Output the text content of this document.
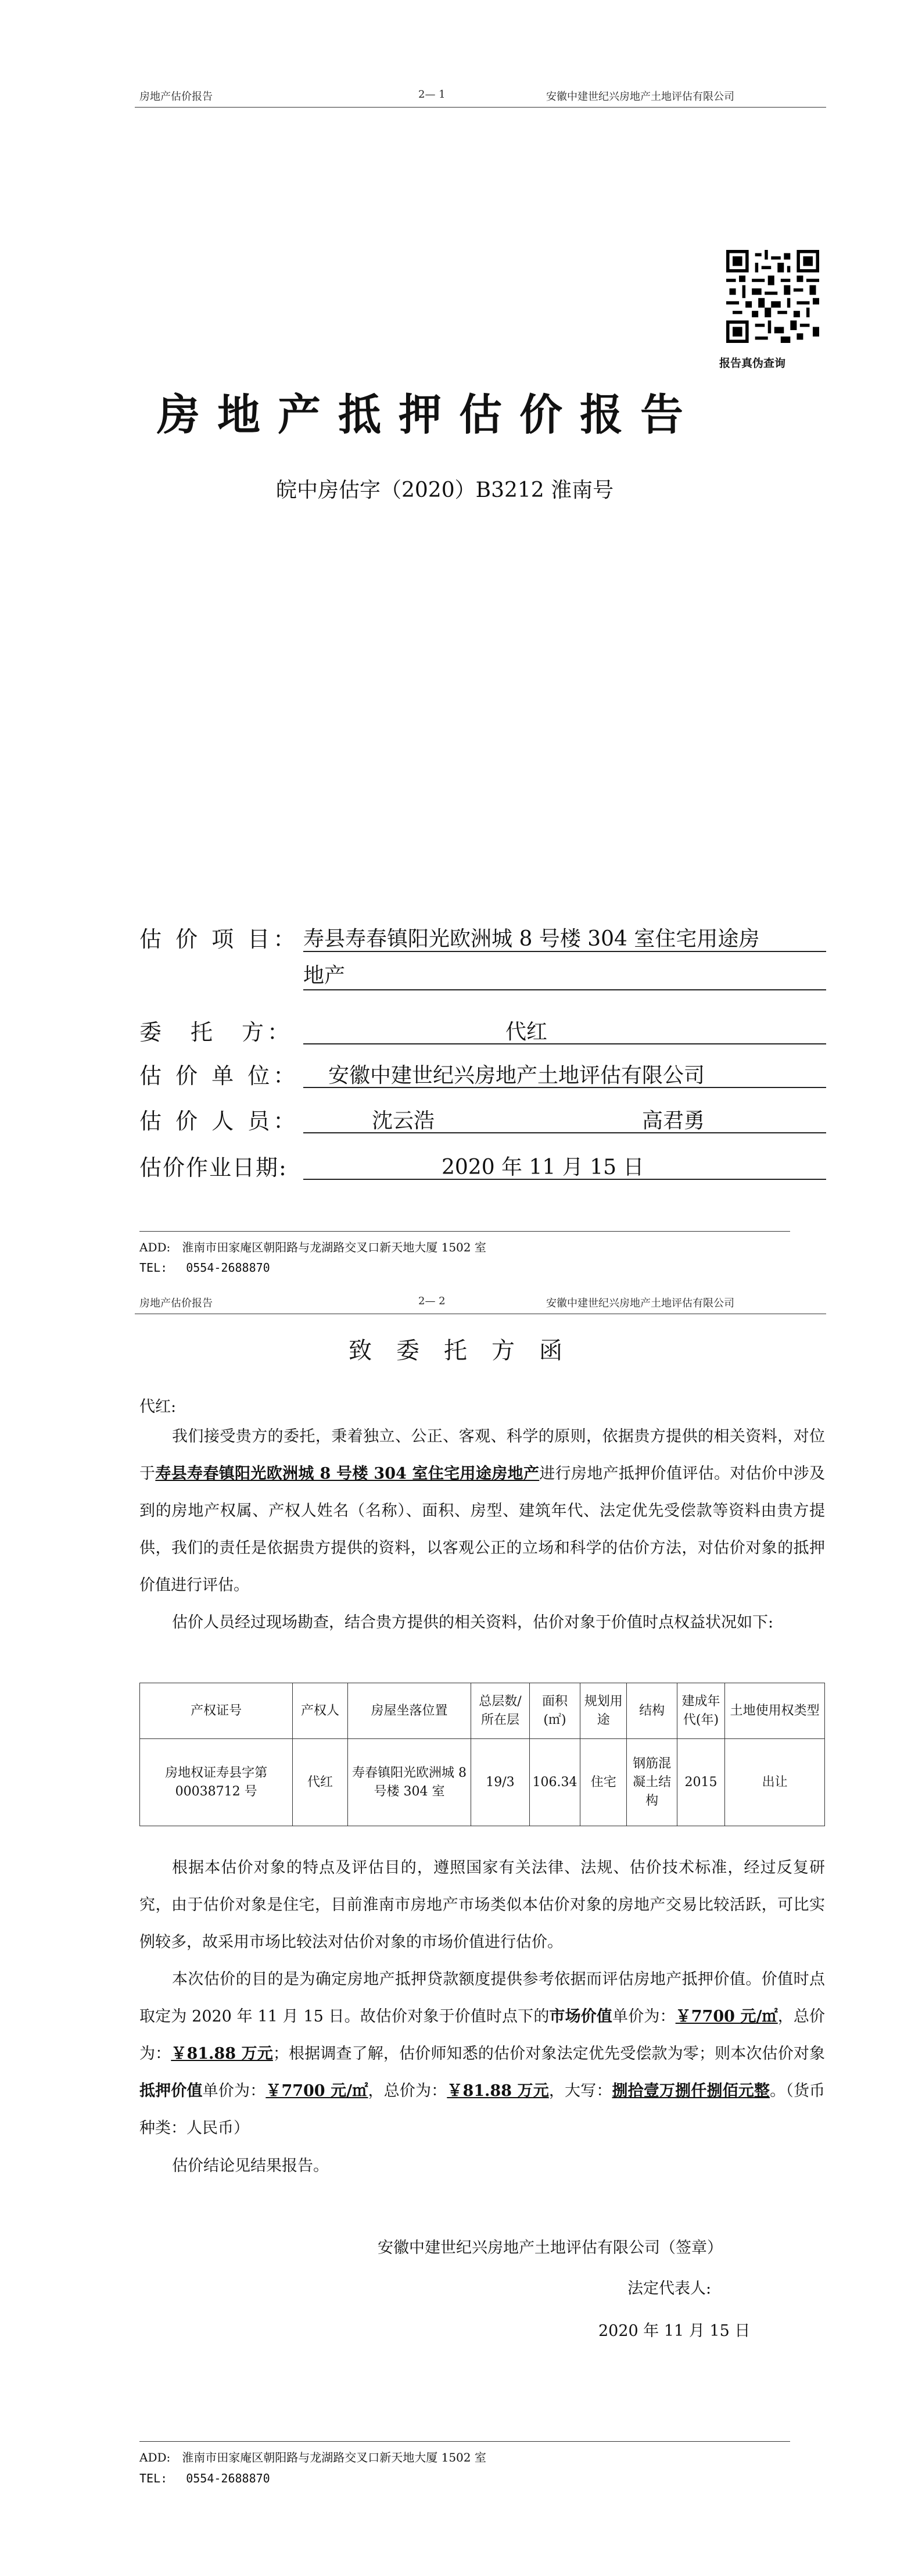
房地产估价报告	2— 1	安徽中建世纪兴房地产土地评估有限公司
报告真伪查询
房地产抵押估价报告
皖中房估字（2020）B3212 淮南号
估 价 项 目： 寿县寿春镇阳光欧洲城 8 号楼 304 室住宅用途房
地产
委　托　方：	代红
估 价 单 位： 安徽中建世纪兴房地产土地评估有限公司
估 价 人 员：	沈云浩	高君勇
估价作业日期:	2020 年 11 月 15 日
ADD:　淮南市田家庵区朝阳路与龙湖路交叉口新天地大厦 1502 室
TEL:　 0554-2688870
房地产估价报告	2— 2	安徽中建世纪兴房地产土地评估有限公司
致委托方函
代红:
我们接受贵方的委托，秉着独立、公正、客观、科学的原则，依据贵方提供的相关资料，对位于寿县寿春镇阳光欧洲城 8 号楼 304 室住宅用途房地产进行房地产抵押价值评估。对估价中涉及到的房地产权属、产权人姓名（名称）、面积、房型、建筑年代、法定优先受偿款等资料由贵方提供，我们的责任是依据贵方提供的资料，以客观公正的立场和科学的估价方法，对估价对象的抵押价值进行评估。
估价人员经过现场勘查，结合贵方提供的相关资料，估价对象于价值时点权益状况如下:
产权证号	产权人	房屋坐落位置	总层数/所在层	面积(㎡)	规划用途	结构	建成年代(年)	土地使用权类型
房地权证寿县字第 00038712 号	代红	寿春镇阳光欧洲城 8 号楼 304 室	19/3	106.34	住宅	钢筋混凝土结构	2015	出让
根据本估价对象的特点及评估目的，遵照国家有关法律、法规、估价技术标准，经过反复研究，由于估价对象是住宅，目前淮南市房地产市场类似本估价对象的房地产交易比较活跃，可比实例较多，故采用市场比较法对估价对象的市场价值进行估价。
本次估价的目的是为确定房地产抵押贷款额度提供参考依据而评估房地产抵押价值。价值时点取定为 2020 年 11 月 15 日。故估价对象于价值时点下的市场价值单价为：￥7700 元/㎡，总价为：￥81.88 万元；根据调查了解，估价师知悉的估价对象法定优先受偿款为零；则本次估价对象抵押价值单价为：￥7700 元/㎡，总价为：￥81.88 万元，大写：捌拾壹万捌仟捌佰元整。（货币种类：人民币）
估价结论见结果报告。
安徽中建世纪兴房地产土地评估有限公司（签章）
法定代表人:
2020 年 11 月 15 日
ADD:　淮南市田家庵区朝阳路与龙湖路交叉口新天地大厦 1502 室
TEL:　 0554-2688870
